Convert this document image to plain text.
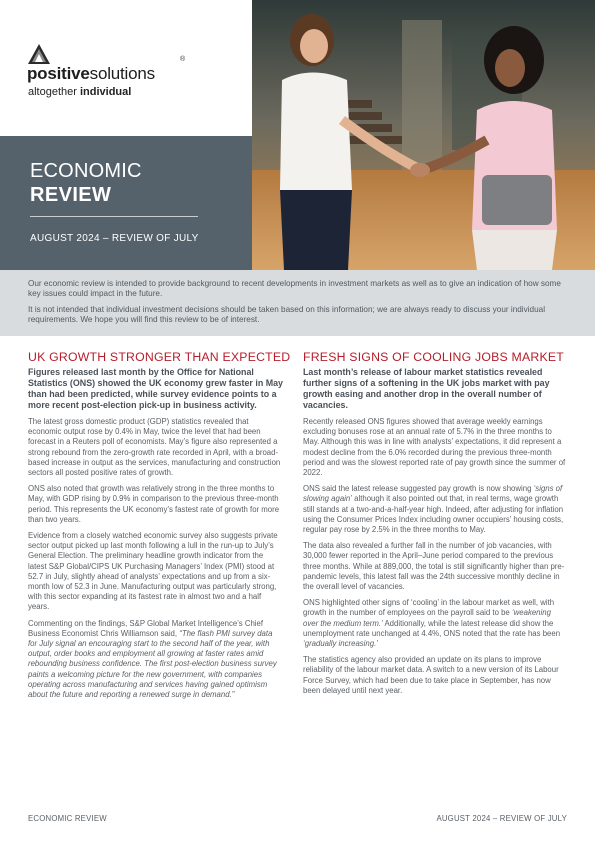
positivesolutions
®
altogether individual
ECONOMIC
REVIEW
AUGUST 2024 – REVIEW OF JULY

Our economic review is intended to provide background to recent developments in investment markets as well as to give an indication of how some key issues could impact in the future.

It is not intended that individual investment decisions should be taken based on this information; we are always ready to discuss your individual requirements. We hope you will find this review to be of interest.

UK GROWTH STRONGER THAN EXPECTED

Figures released last month by the Office for National Statistics (ONS) showed the UK economy grew faster in May than had been predicted, while survey evidence points to a more recent post-election pick-up in business activity.

The latest gross domestic product (GDP) statistics revealed that economic output rose by 0.4% in May, twice the level that had been forecast in a Reuters poll of economists. May’s figure also represented a strong rebound from the zero-growth rate recorded in April, with a broad-based increase in output as the services, manufacturing and construction sectors all posted positive rates of growth.

ONS also noted that growth was relatively strong in the three months to May, with GDP rising by 0.9% in comparison to the previous three-month period. This represents the UK economy’s fastest rate of growth for more than two years.

Evidence from a closely watched economic survey also suggests private sector output picked up last month following a lull in the run-up to July’s General Election. The preliminary headline growth indicator from the latest S&P Global/CIPS UK Purchasing Managers’ Index (PMI) stood at 52.7 in July, slightly ahead of analysts’ expectations and up from a six-month low of 52.3 in June. Manufacturing output was particularly strong, with this sector expanding at its fastest rate in almost two and a half years.

Commenting on the findings, S&P Global Market Intelligence’s Chief Business Economist Chris Williamson said, “The flash PMI survey data for July signal an encouraging start to the second half of the year, with output, order books and employment all growing at faster rates amid rebounding business confidence. The first post-election business survey paints a welcoming picture for the new government, with companies operating across manufacturing and services having gained optimism about the future and reporting a renewed surge in demand.”

FRESH SIGNS OF COOLING JOBS MARKET

Last month’s release of labour market statistics revealed further signs of a softening in the UK jobs market with pay growth easing and another drop in the overall number of vacancies.

Recently released ONS figures showed that average weekly earnings excluding bonuses rose at an annual rate of 5.7% in the three months to May. Although this was in line with analysts’ expectations, it did represent a modest decline from the 6.0% recorded during the previous three-month period and was the slowest reported rate of pay growth since the summer of 2022.

ONS said the latest release suggested pay growth is now showing ‘signs of slowing again’ although it also pointed out that, in real terms, wage growth still stands at a two-and-a-half-year high. Indeed, after adjusting for inflation using the Consumer Prices Index including owner occupiers’ housing costs, regular pay rose by 2.5% in the three months to May.

The data also revealed a further fall in the number of job vacancies, with 30,000 fewer reported in the April–June period compared to the previous three months. While at 889,000, the total is still significantly higher than pre-pandemic levels, this latest fall was the 24th successive monthly decline in the overall level of vacancies.

ONS highlighted other signs of ‘cooling’ in the labour market as well, with growth in the number of employees on the payroll said to be ‘weakening over the medium term.’ Additionally, while the latest release did show the unemployment rate unchanged at 4.4%, ONS noted that the rate has been ‘gradually increasing.’

The statistics agency also provided an update on its plans to improve reliability of the labour market data. A switch to a new version of its Labour Force Survey, which had been due to take place in September, has now been delayed until next year.

ECONOMIC REVIEW	AUGUST 2024 – REVIEW OF JULY
